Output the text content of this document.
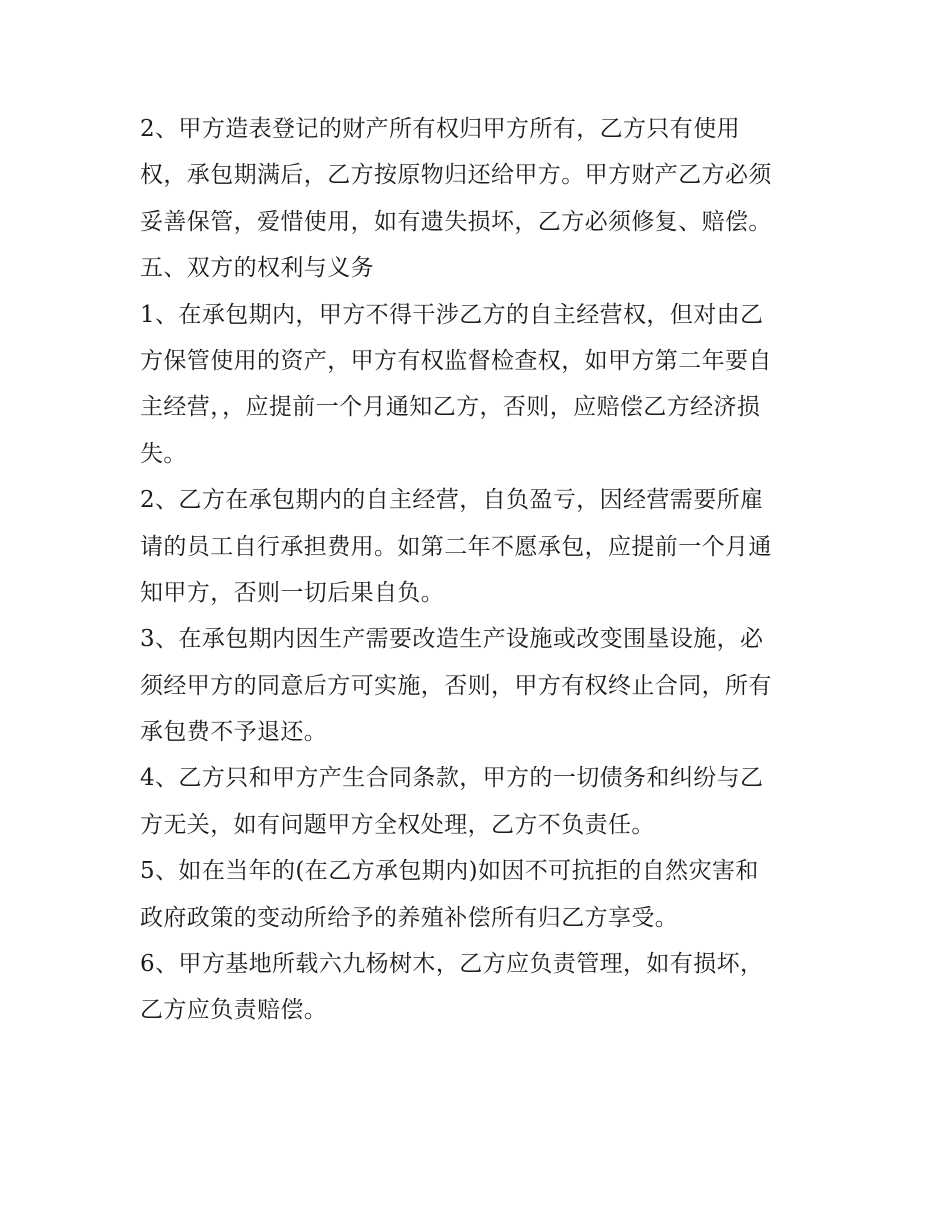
2、甲方造表登记的财产所有权归甲方所有，乙方只有使用
权，承包期满后，乙方按原物归还给甲方。甲方财产乙方必须
妥善保管，爱惜使用，如有遗失损坏，乙方必须修复、赔偿。
五、双方的权利与义务
1、在承包期内，甲方不得干涉乙方的自主经营权，但对由乙
方保管使用的资产，甲方有权监督检查权，如甲方第二年要自
主经营，，应提前一个月通知乙方，否则，应赔偿乙方经济损
失。
2、乙方在承包期内的自主经营，自负盈亏，因经营需要所雇
请的员工自行承担费用。如第二年不愿承包，应提前一个月通
知甲方，否则一切后果自负。
3、在承包期内因生产需要改造生产设施或改变围垦设施，必
须经甲方的同意后方可实施，否则，甲方有权终止合同，所有
承包费不予退还。
4、乙方只和甲方产生合同条款，甲方的一切债务和纠纷与乙
方无关，如有问题甲方全权处理，乙方不负责任。
5、如在当年的(在乙方承包期内)如因不可抗拒的自然灾害和
政府政策的变动所给予的养殖补偿所有归乙方享受。
6、甲方基地所载六九杨树木，乙方应负责管理，如有损坏，
乙方应负责赔偿。
